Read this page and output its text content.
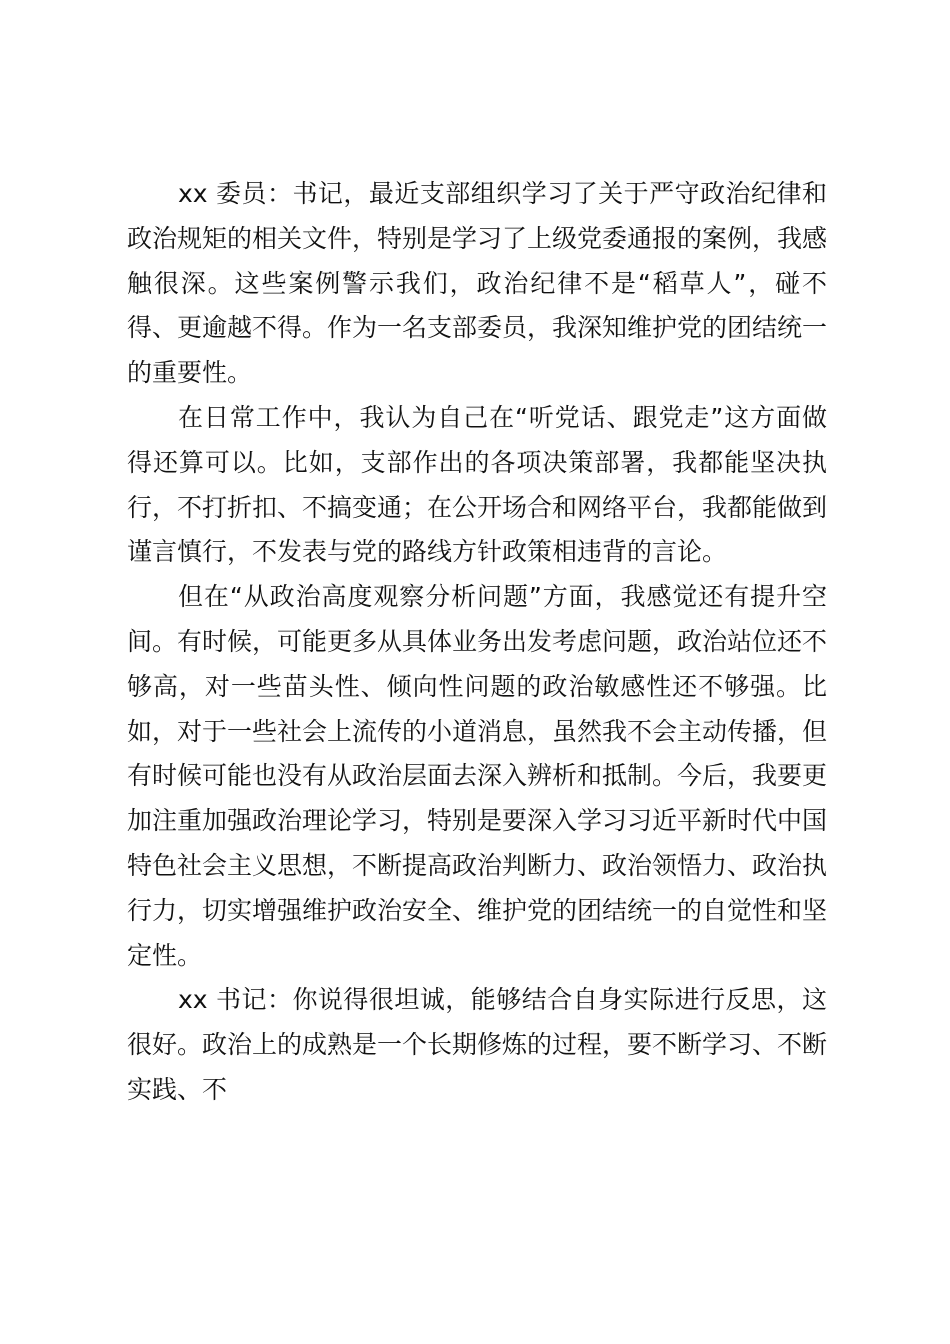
xx 委员：书记，最近支部组织学习了关于严守政治纪律和政治规矩的相关文件，特别是学习了上级党委通报的案例，我感触很深。这些案例警示我们，政治纪律不是“稻草人”，碰不得、更逾越不得。作为一名支部委员，我深知维护党的团结统一的重要性。

在日常工作中，我认为自己在“听党话、跟党走”这方面做得还算可以。比如，支部作出的各项决策部署，我都能坚决执行，不打折扣、不搞变通；在公开场合和网络平台，我都能做到谨言慎行，不发表与党的路线方针政策相违背的言论。

但在“从政治高度观察分析问题”方面，我感觉还有提升空间。有时候，可能更多从具体业务出发考虑问题，政治站位还不够高，对一些苗头性、倾向性问题的政治敏感性还不够强。比如，对于一些社会上流传的小道消息，虽然我不会主动传播，但有时候可能也没有从政治层面去深入辨析和抵制。今后，我要更加注重加强政治理论学习，特别是要深入学习习近平新时代中国特色社会主义思想，不断提高政治判断力、政治领悟力、政治执行力，切实增强维护政治安全、维护党的团结统一的自觉性和坚定性。

xx 书记：你说得很坦诚，能够结合自身实际进行反思，这很好。政治上的成熟是一个长期修炼的过程，要不断学习、不断实践、不
